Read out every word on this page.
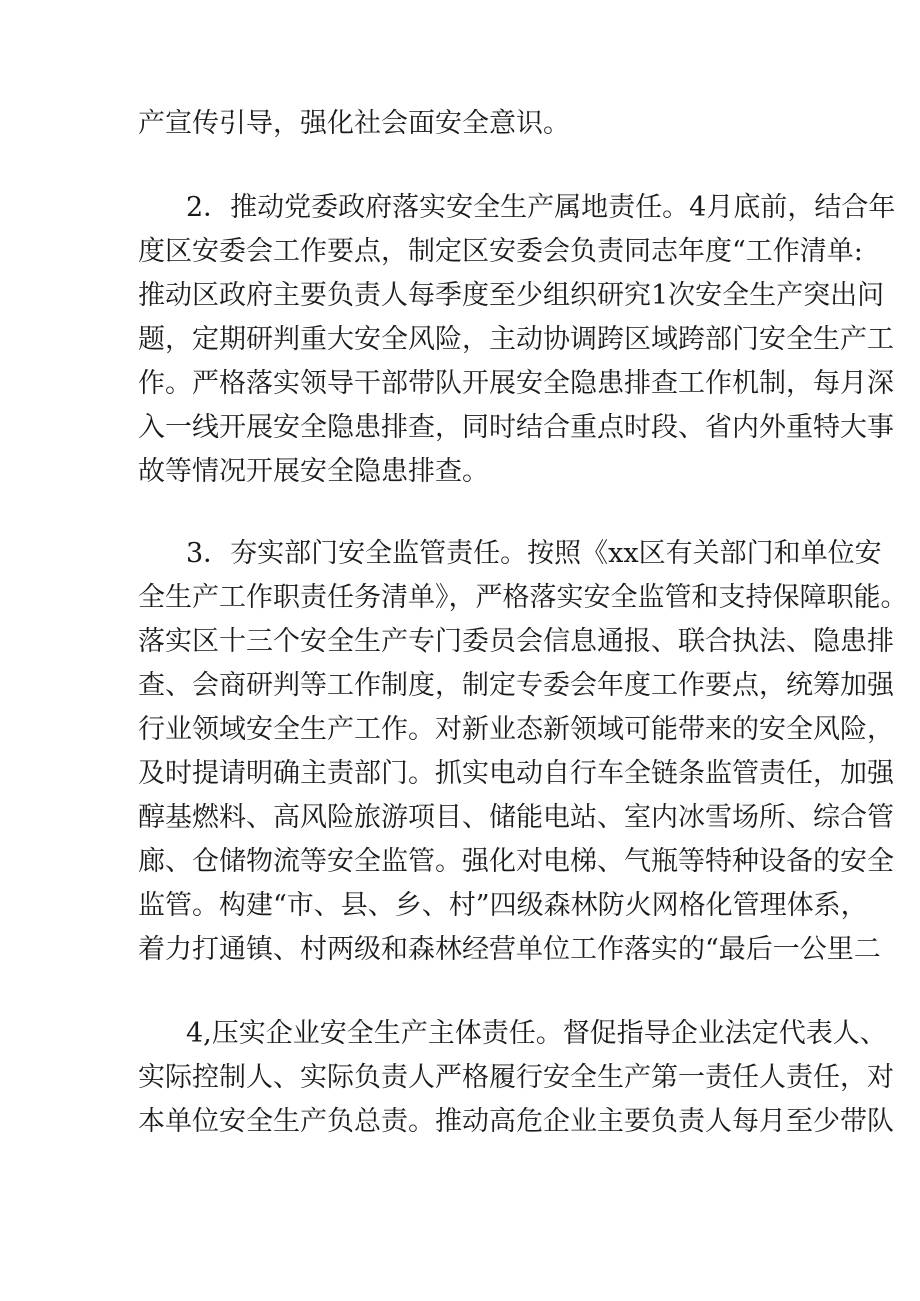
产宣传引导，强化社会面安全意识。
2．推动党委政府落实安全生产属地责任。4月底前，结合年
度区安委会工作要点，制定区安委会负责同志年度“工作清单:
推动区政府主要负责人每季度至少组织研究1次安全生产突出问
题，定期研判重大安全风险，主动协调跨区域跨部门安全生产工
作。严格落实领导干部带队开展安全隐患排查工作机制，每月深
入一线开展安全隐患排查，同时结合重点时段、省内外重特大事
故等情况开展安全隐患排查。
3．夯实部门安全监管责任。按照《xx区有关部门和单位安
全生产工作职责任务清单》，严格落实安全监管和支持保障职能。
落实区十三个安全生产专门委员会信息通报、联合执法、隐患排
查、会商研判等工作制度，制定专委会年度工作要点，统筹加强
行业领域安全生产工作。对新业态新领域可能带来的安全风险，
及时提请明确主责部门。抓实电动自行车全链条监管责任，加强
醇基燃料、高风险旅游项目、储能电站、室内冰雪场所、综合管
廊、仓储物流等安全监管。强化对电梯、气瓶等特种设备的安全
监管。构建“市、县、乡、村”四级森林防火网格化管理体系，
着力打通镇、村两级和森林经营单位工作落实的“最后一公里二
4,压实企业安全生产主体责任。督促指导企业法定代表人、
实际控制人、实际负责人严格履行安全生产第一责任人责任，对
本单位安全生产负总责。推动高危企业主要负责人每月至少带队
